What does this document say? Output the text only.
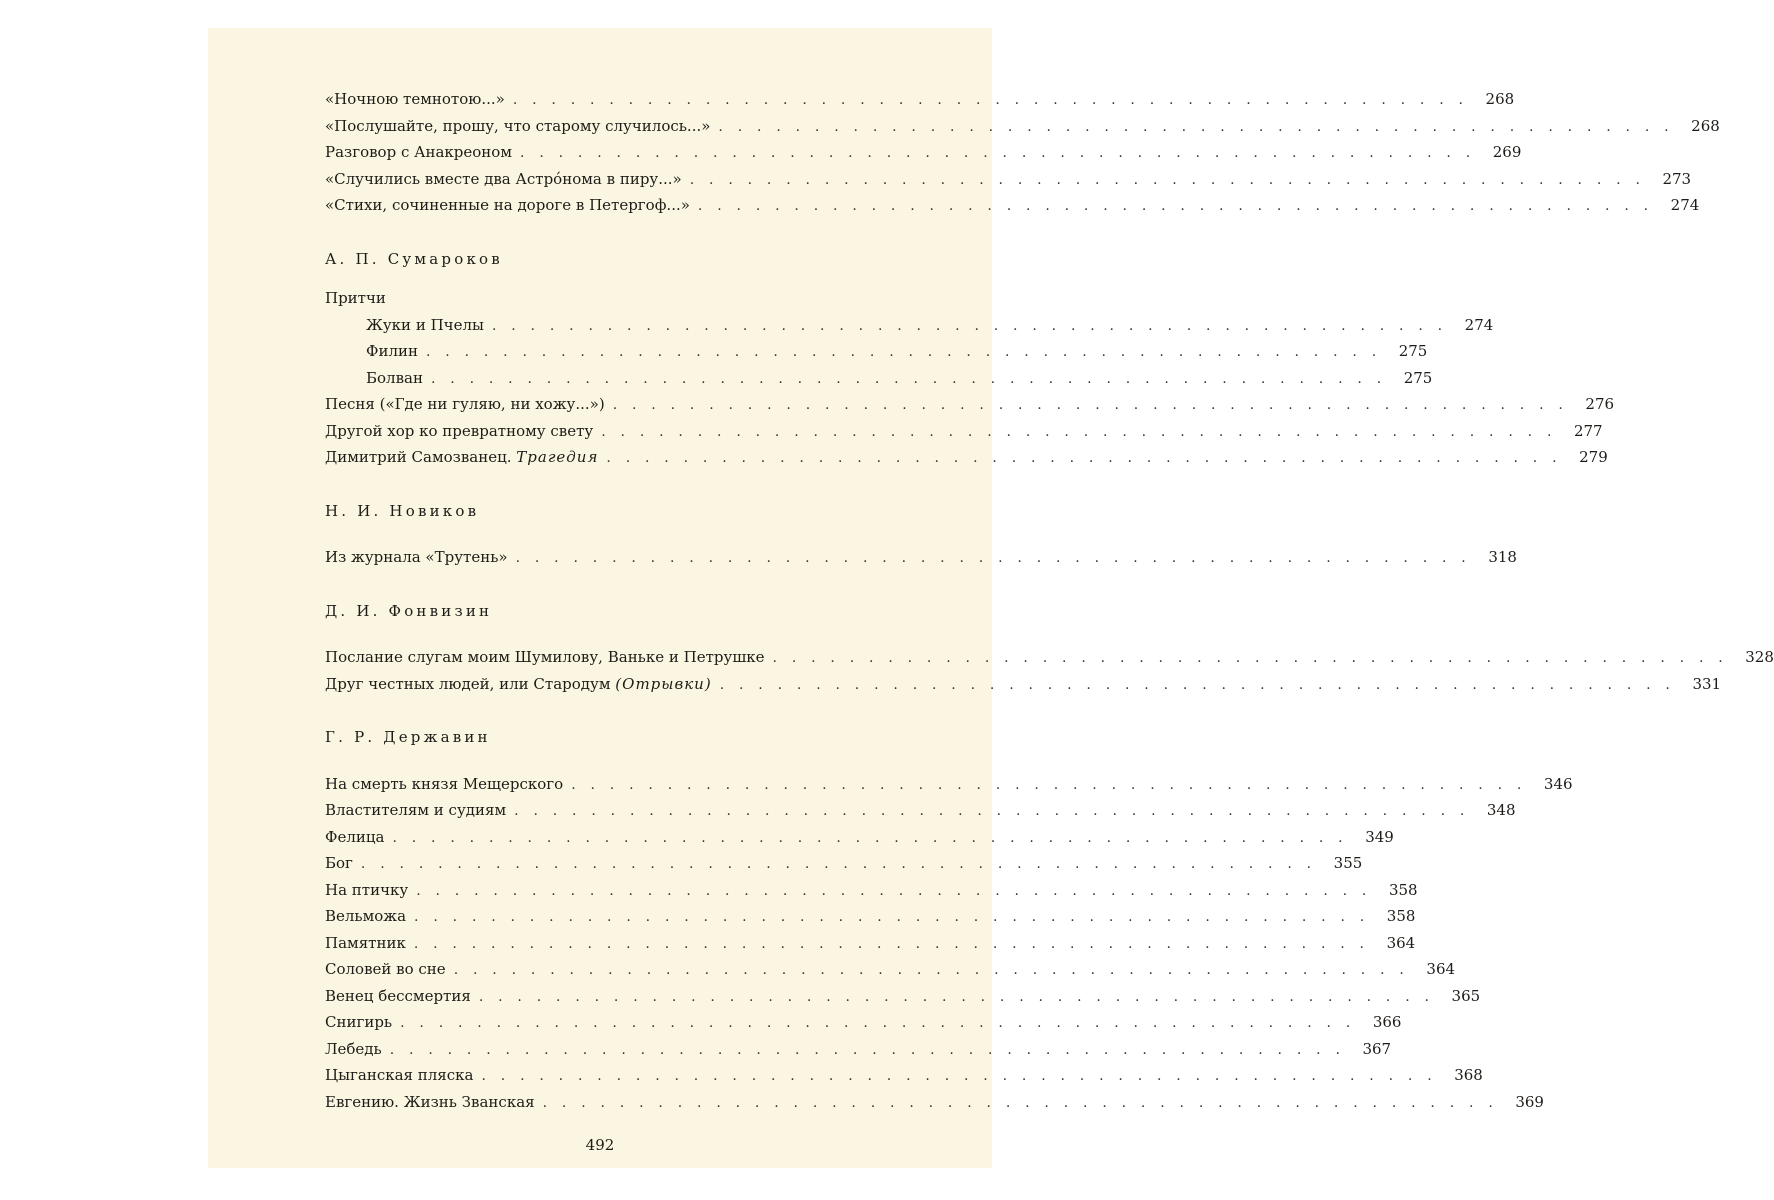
«Ночною темнотою...» . . . . . . . . . . . . . . . . . . . . . . . . . . . . . . . . . . . . . . . . . . . . . . . . . .	268
«Послушайте, прошу, что старому случилось...» . . . . . . . . . . . . . . . . . . . . . . . . . . . . . . . . . . . . . . . . . . . . . . . . . .	268
Разговор с Анакреоном . . . . . . . . . . . . . . . . . . . . . . . . . . . . . . . . . . . . . . . . . . . . . . . . . .	269
«Случились вместе два Астрóнома в пиру...» . . . . . . . . . . . . . . . . . . . . . . . . . . . . . . . . . . . . . . . . . . . . . . . . . .	273
«Стихи, сочиненные на дороге в Петергоф...» . . . . . . . . . . . . . . . . . . . . . . . . . . . . . . . . . . . . . . . . . . . . . . . . . .	274
А. П. Сумароков
Притчи
Жуки и Пчелы . . . . . . . . . . . . . . . . . . . . . . . . . . . . . . . . . . . . . . . . . . . . . . . . . .	274
Филин . . . . . . . . . . . . . . . . . . . . . . . . . . . . . . . . . . . . . . . . . . . . . . . . . .	275
Болван . . . . . . . . . . . . . . . . . . . . . . . . . . . . . . . . . . . . . . . . . . . . . . . . . .	275
Песня («Где ни гуляю, ни хожу...») . . . . . . . . . . . . . . . . . . . . . . . . . . . . . . . . . . . . . . . . . . . . . . . . . .	276
Другой хор ко превратному свету . . . . . . . . . . . . . . . . . . . . . . . . . . . . . . . . . . . . . . . . . . . . . . . . . .	277
Димитрий Самозванец. Трагедия . . . . . . . . . . . . . . . . . . . . . . . . . . . . . . . . . . . . . . . . . . . . . . . . . .	279
Н. И. Новиков
Из журнала «Трутень» . . . . . . . . . . . . . . . . . . . . . . . . . . . . . . . . . . . . . . . . . . . . . . . . . .	318
Д. И. Фонвизин
Послание слугам моим Шумилову, Ваньке и Петрушке . . . . . . . . . . . . . . . . . . . . . . . . . . . . . . . . . . . . . . . . . . . . . . . . . .	328
Друг честных людей, или Стародум (Отрывки) . . . . . . . . . . . . . . . . . . . . . . . . . . . . . . . . . . . . . . . . . . . . . . . . . .	331
Г. Р. Державин
На смерть князя Мещерского . . . . . . . . . . . . . . . . . . . . . . . . . . . . . . . . . . . . . . . . . . . . . . . . . .	346
Властителям и судиям . . . . . . . . . . . . . . . . . . . . . . . . . . . . . . . . . . . . . . . . . . . . . . . . . .	348
Фелица . . . . . . . . . . . . . . . . . . . . . . . . . . . . . . . . . . . . . . . . . . . . . . . . . .	349
Бог . . . . . . . . . . . . . . . . . . . . . . . . . . . . . . . . . . . . . . . . . . . . . . . . . .	355
На птичку . . . . . . . . . . . . . . . . . . . . . . . . . . . . . . . . . . . . . . . . . . . . . . . . . .	358
Вельможа . . . . . . . . . . . . . . . . . . . . . . . . . . . . . . . . . . . . . . . . . . . . . . . . . .	358
Памятник . . . . . . . . . . . . . . . . . . . . . . . . . . . . . . . . . . . . . . . . . . . . . . . . . .	364
Соловей во сне . . . . . . . . . . . . . . . . . . . . . . . . . . . . . . . . . . . . . . . . . . . . . . . . . .	364
Венец бессмертия . . . . . . . . . . . . . . . . . . . . . . . . . . . . . . . . . . . . . . . . . . . . . . . . . .	365
Снигирь . . . . . . . . . . . . . . . . . . . . . . . . . . . . . . . . . . . . . . . . . . . . . . . . . .	366
Лебедь . . . . . . . . . . . . . . . . . . . . . . . . . . . . . . . . . . . . . . . . . . . . . . . . . .	367
Цыганская пляска . . . . . . . . . . . . . . . . . . . . . . . . . . . . . . . . . . . . . . . . . . . . . . . . . .	368
Евгению. Жизнь Званская . . . . . . . . . . . . . . . . . . . . . . . . . . . . . . . . . . . . . . . . . . . . . . . . . .	369
492
